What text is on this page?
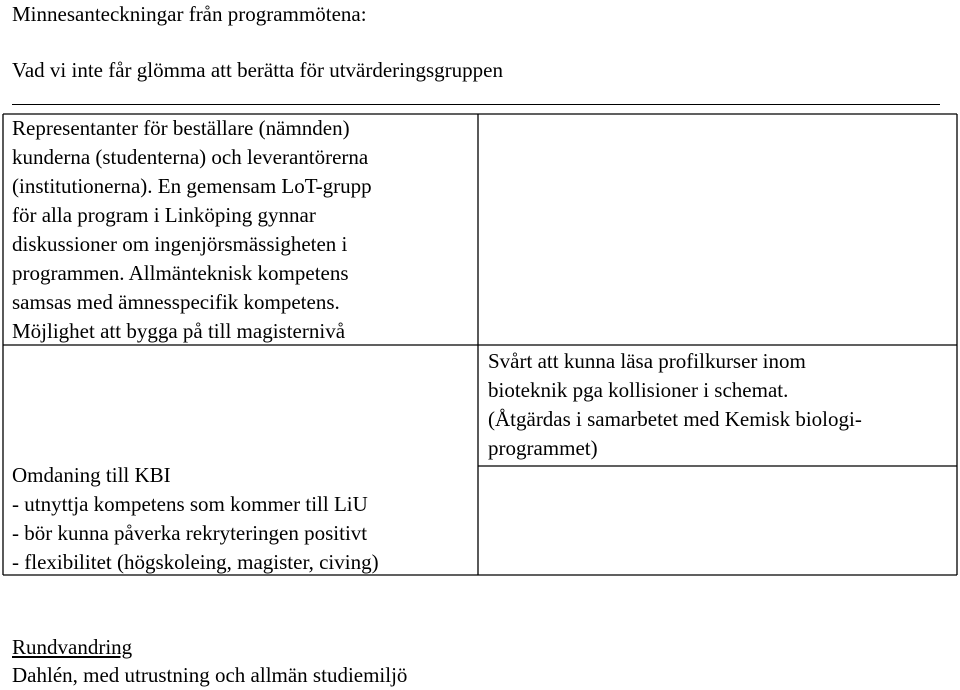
Minnesanteckningar från programmötena:
Vad vi inte får glömma att berätta för utvärderingsgruppen
Representanter för beställare (nämnden)
kunderna (studenterna) och leverantörerna
(institutionerna). En gemensam LoT-grupp
för alla program i Linköping gynnar
diskussioner om ingenjörsmässigheten i
programmen. Allmänteknisk kompetens
samsas med ämnesspecifik kompetens.
Möjlighet att bygga på till magisternivå
Omdaning till KBI
- utnyttja kompetens som kommer till LiU
- bör kunna påverka rekryteringen positivt
- flexibilitet (högskoleing, magister, civing)
Svårt att kunna läsa profilkurser inom
bioteknik pga kollisioner i schemat.
(Åtgärdas i samarbetet med Kemisk biologi-
programmet)
Rundvandring
Dahlén, med utrustning och allmän studiemiljö
